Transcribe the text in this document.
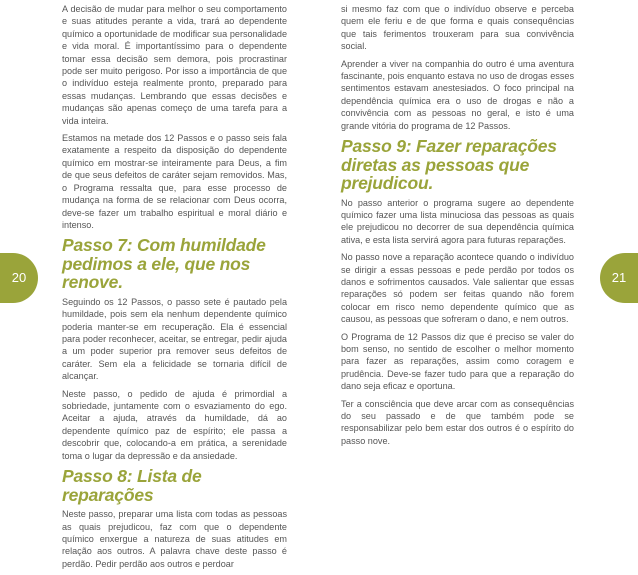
20	21

A decisão de mudar para melhor o seu comportamento e suas atitudes perante a vida, trará ao dependente químico a oportunidade de modificar sua personalidade e vida moral. É importantíssimo para o dependente tomar essa decisão sem demora, pois procrastinar pode ser muito perigoso. Por isso a importância de que o indivíduo esteja realmente pronto, preparado para essas mudanças. Lembrando que essas decisões e mudanças são apenas começo de uma tarefa para a vida inteira.

Estamos na metade dos 12 Passos e o passo seis fala exatamente a respeito da disposição do dependente químico em mostrar-se inteiramente para Deus, a fim de que seus defeitos de caráter sejam removidos. Mas, o Programa ressalta que, para esse processo de mudança na forma de se relacionar com Deus ocorra, deve-se fazer um trabalho espiritual e moral diário e intenso.

Passo 7: Com humildade pedimos a ele, que nos renove.

Seguindo os 12 Passos, o passo sete é pautado pela humildade, pois sem ela nenhum dependente químico poderia manter-se em recuperação. Ela é essencial para poder reconhecer, aceitar, se entregar, pedir ajuda a um poder superior pra remover seus defeitos de caráter. Sem ela a felicidade se tornaria difícil de alcançar.

Neste passo, o pedido de ajuda é primordial a sobriedade, juntamente com o esvaziamento do ego. Aceitar a ajuda, através da humildade, dá ao dependente químico paz de espírito; ele passa a descobrir que, colocando-a em prática, a serenidade toma o lugar da depressão e da ansiedade.

Passo 8: Lista de reparações

Neste passo, preparar uma lista com todas as pessoas as quais prejudicou, faz com que o dependente químico enxergue a natureza de suas atitudes em relação aos outros. A palavra chave deste passo é perdão. Pedir perdão aos outros e perdoar

si mesmo faz com que o indivíduo observe e perceba quem ele feriu e de que forma e quais consequências que tais ferimentos trouxeram para sua convivência social.

Aprender a viver na companhia do outro é uma aventura fascinante, pois enquanto estava no uso de drogas esses sentimentos estavam anestesiados. O foco principal na dependência química era o uso de drogas e não a convivência com as pessoas no geral, e isto é uma grande vitória do programa de 12 Passos.

Passo 9: Fazer reparações diretas as pessoas que prejudicou.

No passo anterior o programa sugere ao dependente químico fazer uma lista minuciosa das pessoas as quais ele prejudicou no decorrer de sua dependência química ativa, e esta lista servirá agora para futuras reparações.

No passo nove a reparação acontece quando o indivíduo se dirigir a essas pessoas e pede perdão por todos os danos e sofrimentos causados. Vale salientar que essas reparações só podem ser feitas quando não forem colocar em risco nemo dependente químico que as causou, as pessoas que sofreram o dano, e nem outros.

O Programa de 12 Passos diz que é preciso se valer do bom senso, no sentido de escolher o melhor momento para fazer as reparações, assim como coragem e prudência. Deve-se fazer tudo para que a reparação do dano seja eficaz e oportuna.

Ter a consciência que deve arcar com as consequências do seu passado e de que também pode se responsabilizar pelo bem estar dos outros é o espírito do passo nove.
